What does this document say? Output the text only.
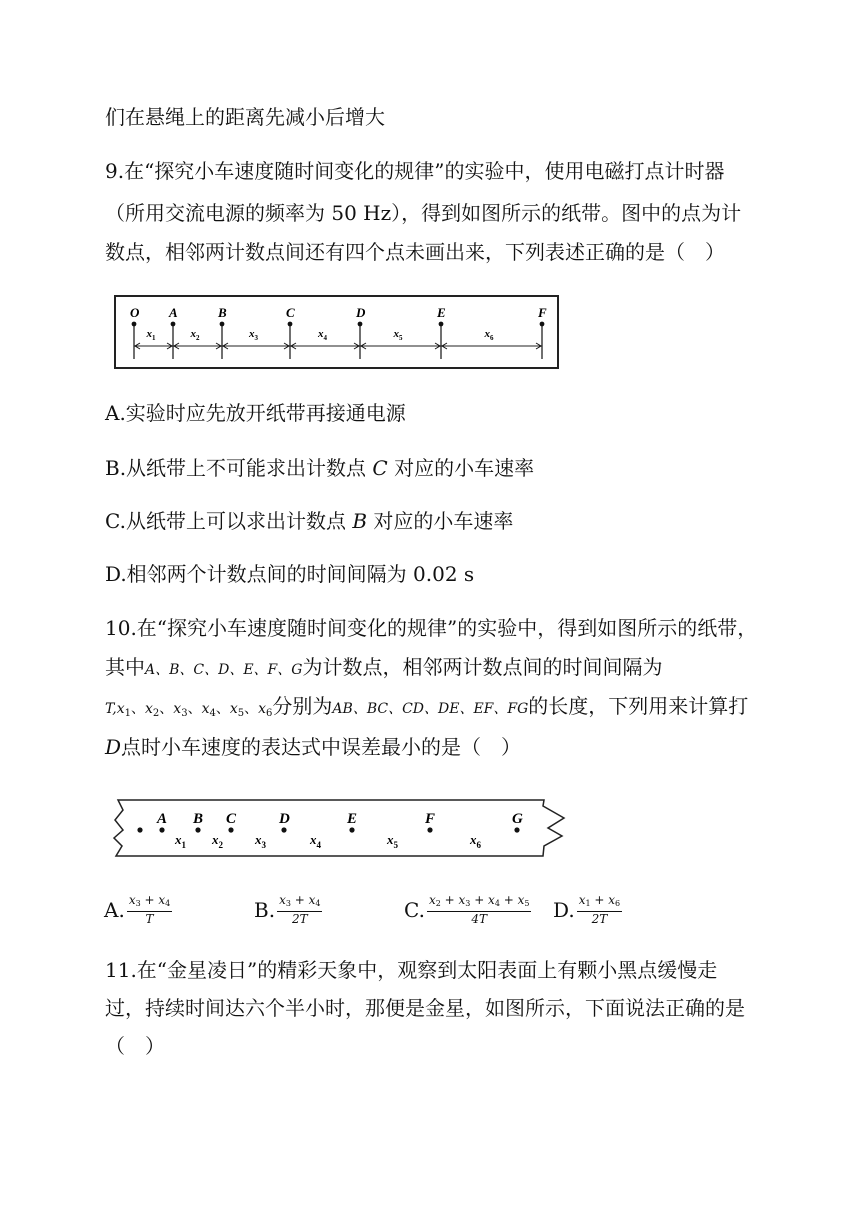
们在悬绳上的距离先减小后增大
9.在“探究小车速度随时间变化的规律”的实验中，使用电磁打点计时器
（所用交流电源的频率为 50 Hz），得到如图所示的纸带。图中的点为计
数点，相邻两计数点间还有四个点未画出来，下列表述正确的是（　）
O A	B	C	D	E	F
$x_1$	$x_2$	$x_3$	$x_4$	$x_5$	$x_6$
A.实验时应先放开纸带再接通电源
B.从纸带上不可能求出计数点 C 对应的小车速率
C.从纸带上可以求出计数点 B 对应的小车速率
D.相邻两个计数点间的时间间隔为 0.02 s
10.在“探究小车速度随时间变化的规律”的实验中，得到如图所示的纸带，
其中A、B、C、D、E、F、G为计数点，相邻两计数点间的时间间隔为
$T,x_1$、$x_2$、$x_3$、$x_4$、$x_5$、$x_6$分别为AB、BC、CD、DE、EF、FG的长度，下列用来计算打
D点时小车速度的表达式中误差最小的是（　）
A B C	D	E	F	G
$x_1$ $x_2$ $x_3$	$x_4$	$x_5$	$x_6$
A. $\frac{x3 + x4}{T}$	B. $\frac{x3 + x4}{2T}$	C. $\frac{x2 + x3 + x4 + x5}{4T} D$. $\frac{x1 + x6}{2T}$
11.在“金星凌日”的精彩天象中，观察到太阳表面上有颗小黑点缓慢走
过，持续时间达六个半小时，那便是金星，如图所示，下面说法正确的是
（　）
